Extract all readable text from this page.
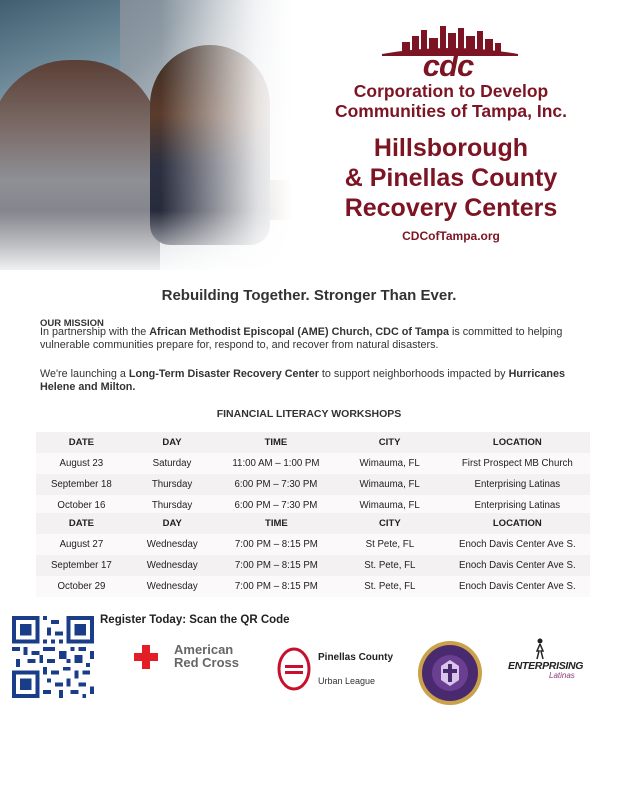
cdc
Corporation to Develop
Communities of Tampa, Inc.
Hillsborough
& Pinellas County
Recovery Centers
CDCofTampa.org
Rebuilding Together. Stronger Than Ever.
OUR MISSION
In partnership with the African Methodist Episcopal (AME) Church, CDC of Tampa is committed to helping vulnerable communities prepare for, respond to, and recover from natural disasters.
We're launching a Long-Term Disaster Recovery Center to support neighborhoods impacted by Hurricanes Helene and Milton.
FINANCIAL LITERACY WORKSHOPS
DATE	DAY	TIME	CITY	LOCATION
August 23	Saturday	11:00 AM – 1:00 PM	Wimauma, FL	First Prospect MB Church
September 18	Thursday	6:00 PM – 7:30 PM	Wimauma, FL	Enterprising Latinas
October 16	Thursday	6:00 PM – 7:30 PM	Wimauma, FL	Enterprising Latinas
DATE	DAY	TIME	CITY	LOCATION
August 27	Wednesday	7:00 PM – 8:15 PM	St Pete, FL	Enoch Davis Center Ave S.
September 17	Wednesday	7:00 PM – 8:15 PM	St. Pete, FL	Enoch Davis Center Ave S.
October 29	Wednesday	7:00 PM – 8:15 PM	St. Pete, FL	Enoch Davis Center Ave S.
Register Today: Scan the QR Code
American
Red Cross	Pinellas County
Urban League
ENTERPRISING
Latinas
